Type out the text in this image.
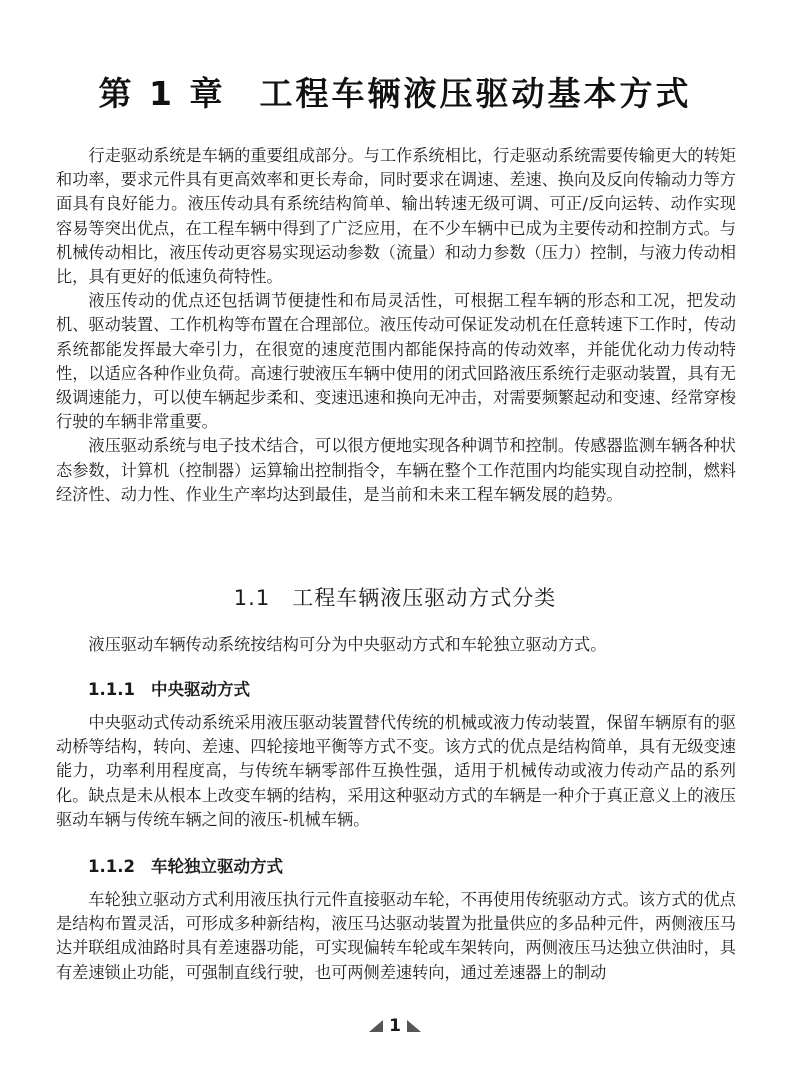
第 1 章 工程车辆液压驱动基本方式

行走驱动系统是车辆的重要组成部分。与工作系统相比，行走驱动系统需要传输更大的转矩和功率，要求元件具有更高效率和更长寿命，同时要求在调速、差速、换向及反向传输动力等方面具有良好能力。液压传动具有系统结构简单、输出转速无级可调、可正/反向运转、动作实现容易等突出优点，在工程车辆中得到了广泛应用，在不少车辆中已成为主要传动和控制方式。与机械传动相比，液压传动更容易实现运动参数（流量）和动力参数（压力）控制，与液力传动相比，具有更好的低速负荷特性。

液压传动的优点还包括调节便捷性和布局灵活性，可根据工程车辆的形态和工况，把发动机、驱动装置、工作机构等布置在合理部位。液压传动可保证发动机在任意转速下工作时，传动系统都能发挥最大牵引力，在很宽的速度范围内都能保持高的传动效率，并能优化动力传动特性，以适应各种作业负荷。高速行驶液压车辆中使用的闭式回路液压系统行走驱动装置，具有无级调速能力，可以使车辆起步柔和、变速迅速和换向无冲击，对需要频繁起动和变速、经常穿梭行驶的车辆非常重要。

液压驱动系统与电子技术结合，可以很方便地实现各种调节和控制。传感器监测车辆各种状态参数，计算机（控制器）运算输出控制指令，车辆在整个工作范围内均能实现自动控制，燃料经济性、动力性、作业生产率均达到最佳，是当前和未来工程车辆发展的趋势。

1.1 工程车辆液压驱动方式分类

液压驱动车辆传动系统按结构可分为中央驱动方式和车轮独立驱动方式。

1.1.1 中央驱动方式

中央驱动式传动系统采用液压驱动装置替代传统的机械或液力传动装置，保留车辆原有的驱动桥等结构，转向、差速、四轮接地平衡等方式不变。该方式的优点是结构简单，具有无级变速能力，功率利用程度高，与传统车辆零部件互换性强，适用于机械传动或液力传动产品的系列化。缺点是未从根本上改变车辆的结构，采用这种驱动方式的车辆是一种介于真正意义上的液压驱动车辆与传统车辆之间的液压-机械车辆。

1.1.2 车轮独立驱动方式

车轮独立驱动方式利用液压执行元件直接驱动车轮，不再使用传统驱动方式。该方式的优点是结构布置灵活，可形成多种新结构，液压马达驱动装置为批量供应的多品种元件，两侧液压马达并联组成油路时具有差速器功能，可实现偏转车轮或车架转向，两侧液压马达独立供油时，具有差速锁止功能，可强制直线行驶，也可两侧差速转向，通过差速器上的制动

1
